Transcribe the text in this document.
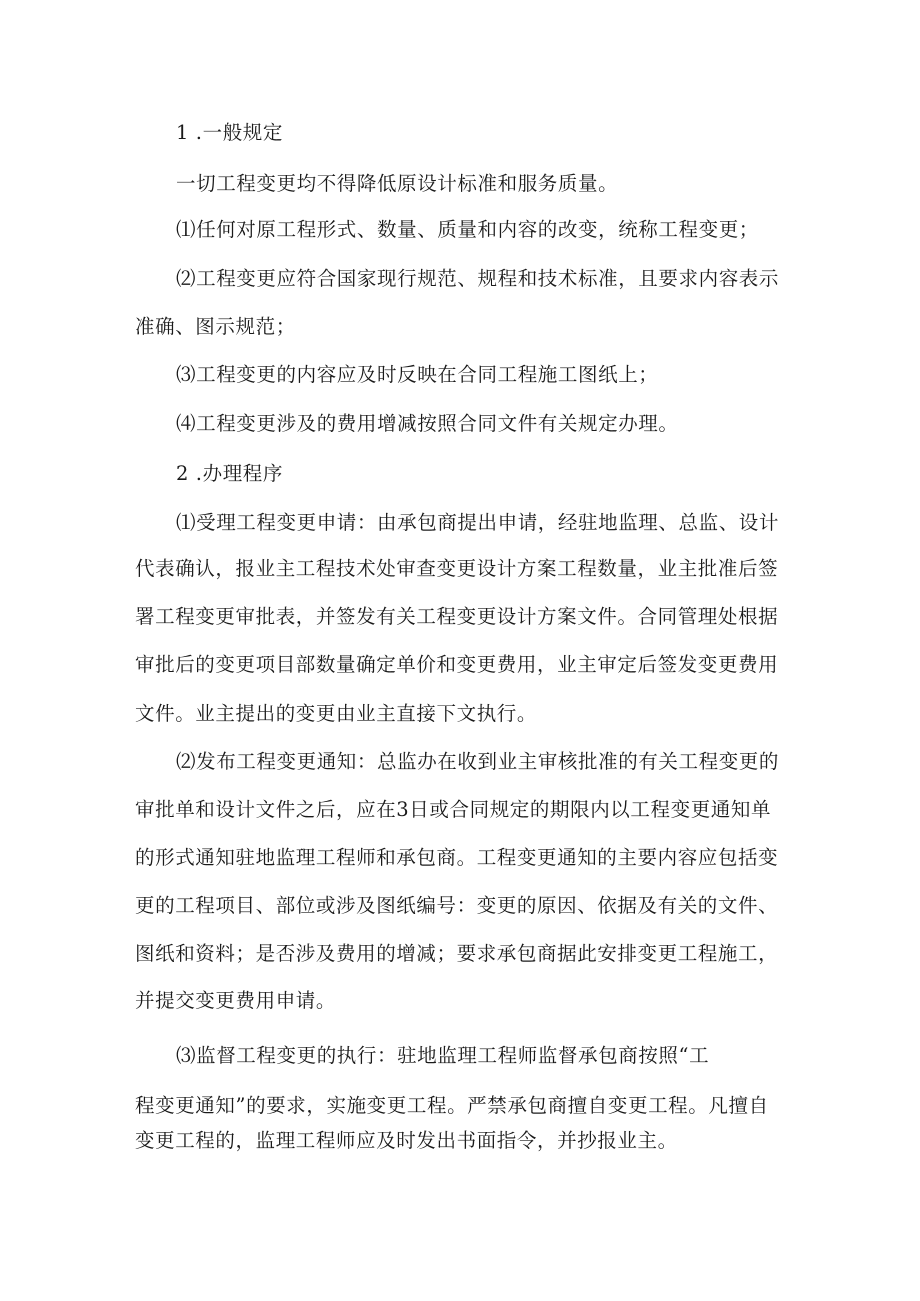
1 .一般规定
一切工程变更均不得降低原设计标准和服务质量。
⑴任何对原工程形式、数量、质量和内容的改变，统称工程变更；
⑵工程变更应符合国家现行规范、规程和技术标准，且要求内容表示
准确、图示规范；
⑶工程变更的内容应及时反映在合同工程施工图纸上；
⑷工程变更涉及的费用增减按照合同文件有关规定办理。
2 .办理程序
⑴受理工程变更申请：由承包商提出申请，经驻地监理、总监、设计
代表确认，报业主工程技术处审查变更设计方案工程数量，业主批准后签
署工程变更审批表，并签发有关工程变更设计方案文件。合同管理处根据
审批后的变更项目部数量确定单价和变更费用，业主审定后签发变更费用
文件。业主提出的变更由业主直接下文执行。
⑵发布工程变更通知：总监办在收到业主审核批准的有关工程变更的
审批单和设计文件之后，应在3日或合同规定的期限内以工程变更通知单
的形式通知驻地监理工程师和承包商。工程变更通知的主要内容应包括变
更的工程项目、部位或涉及图纸编号：变更的原因、依据及有关的文件、
图纸和资料；是否涉及费用的增减；要求承包商据此安排变更工程施工，
并提交变更费用申请。
⑶监督工程变更的执行：驻地监理工程师监督承包商按照“工
程变更通知”的要求，实施变更工程。严禁承包商擅自变更工程。凡擅自
变更工程的，监理工程师应及时发出书面指令，并抄报业主。
